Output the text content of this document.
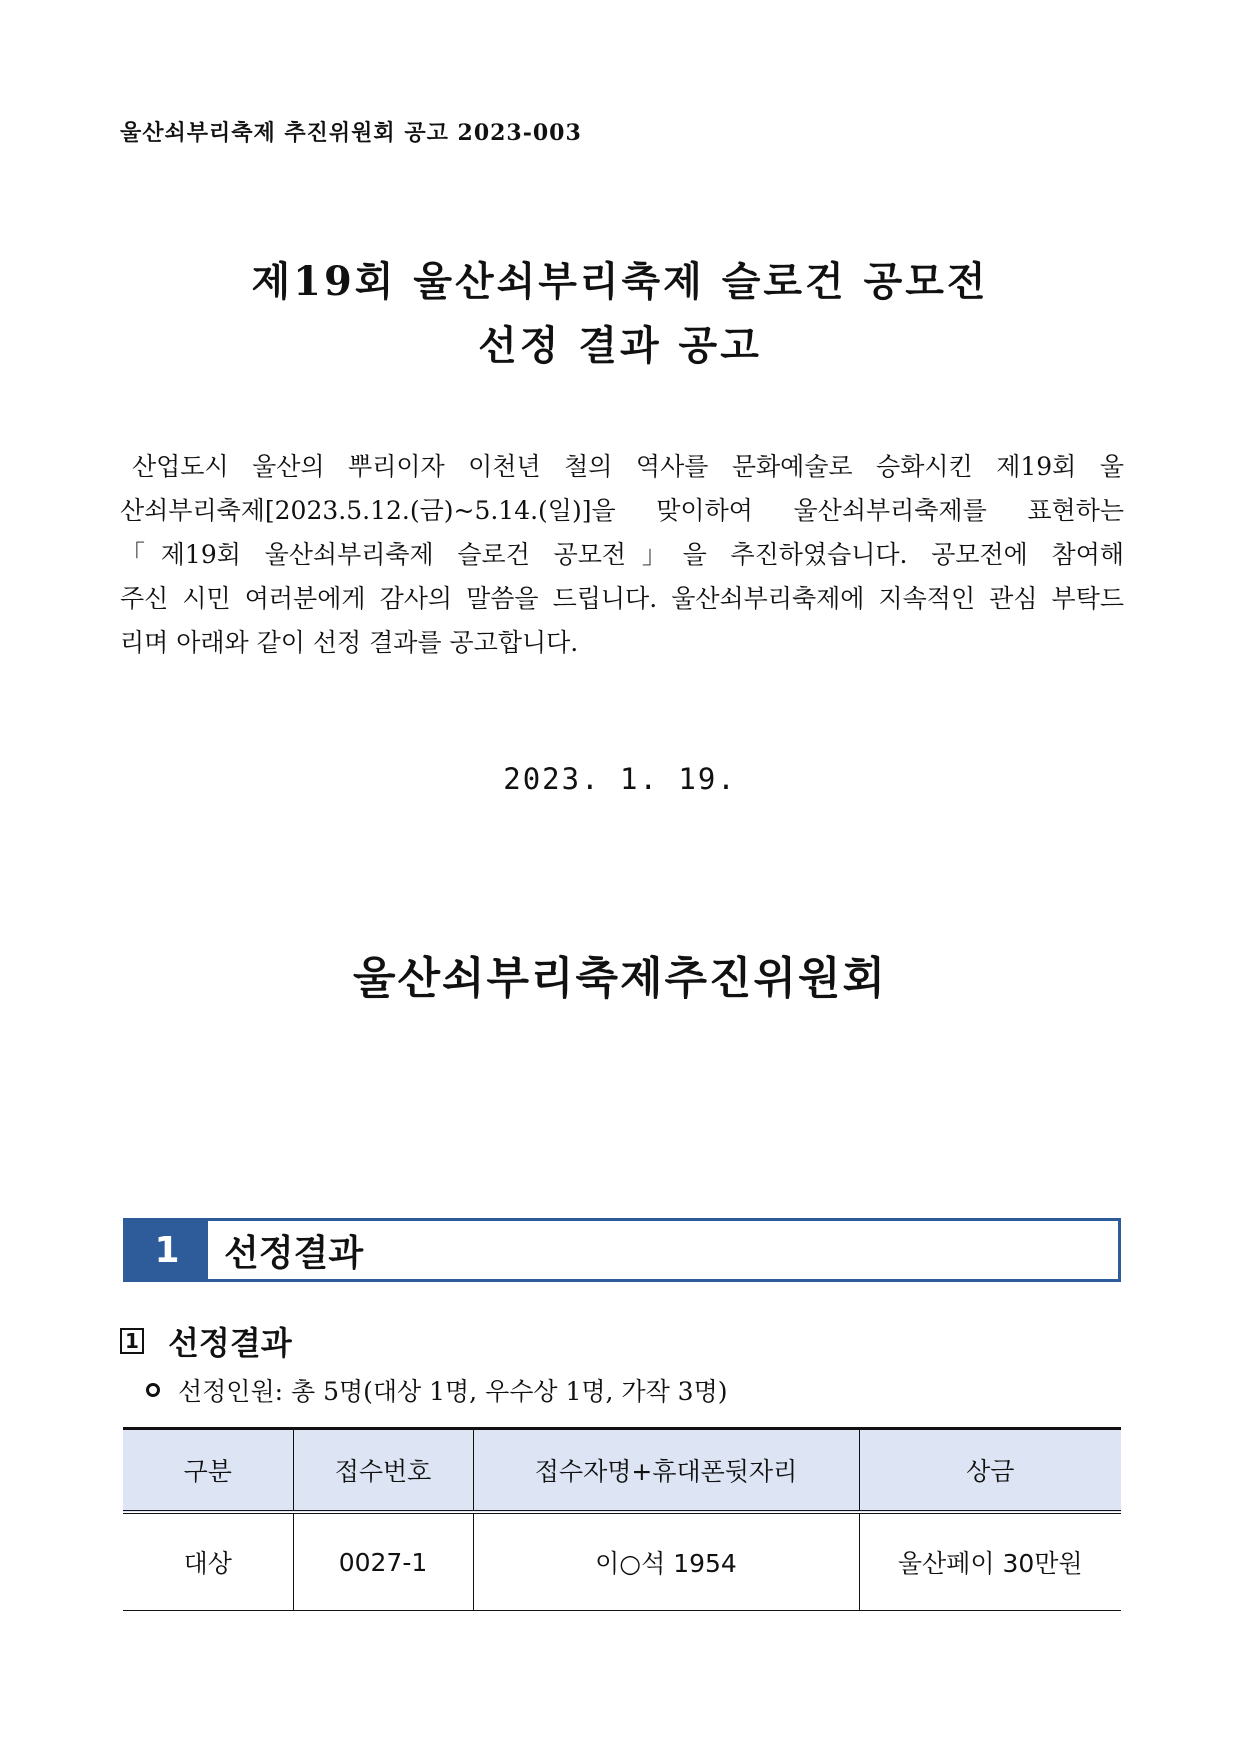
울산쇠부리축제 추진위원회 공고 2023-003
제19회 울산쇠부리축제 슬로건 공모전
선정 결과 공고
산업도시 울산의 뿌리이자 이천년 철의 역사를 문화예술로 승화시킨 제19회 울
산쇠부리축제[2023.5.12.(금)~5.14.(일)]을 맞이하여 울산쇠부리축제를 표현하는
「제19회 울산쇠부리축제 슬로건 공모전」을 추진하였습니다. 공모전에 참여해
주신 시민 여러분에게 감사의 말씀을 드립니다. 울산쇠부리축제에 지속적인 관심 부탁드
리며 아래와 같이 선정 결과를 공고합니다.
2023. 1. 19.
울산쇠부리축제추진위원회
1	선정결과
1 선정결과
선정인원: 총 5명(대상 1명, 우수상 1명, 가작 3명)
구분	접수번호	접수자명+휴대폰뒷자리	상금
대상	0027-1	이○석 1954	울산페이 30만원
